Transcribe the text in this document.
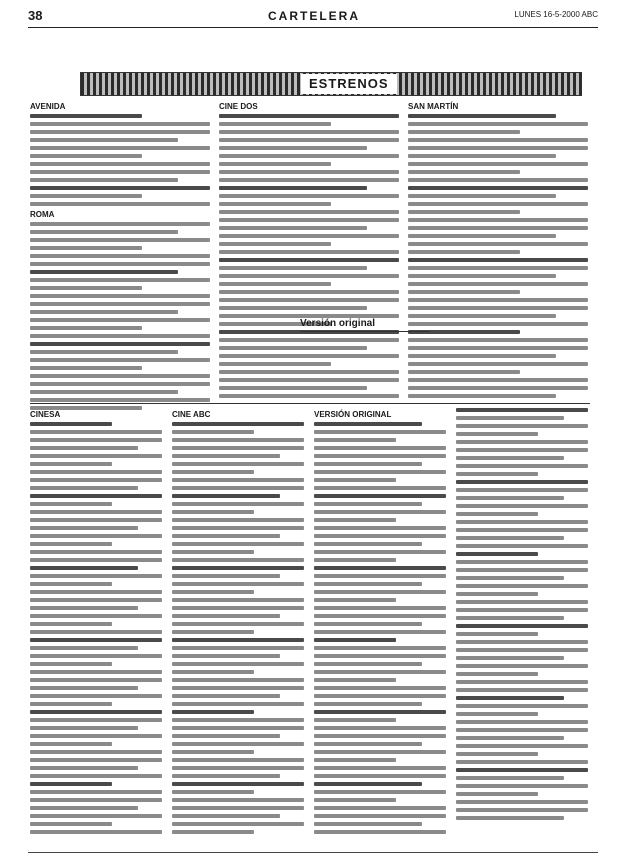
38	CARTELERA	LUNES 16-5-2000 ABC
ESTRENOS
AVENIDA
ROMA
CINE DOS	SAN MARTÍN
CINESA	CINE ABC	VERSIÓN ORIGINAL
Versión original
